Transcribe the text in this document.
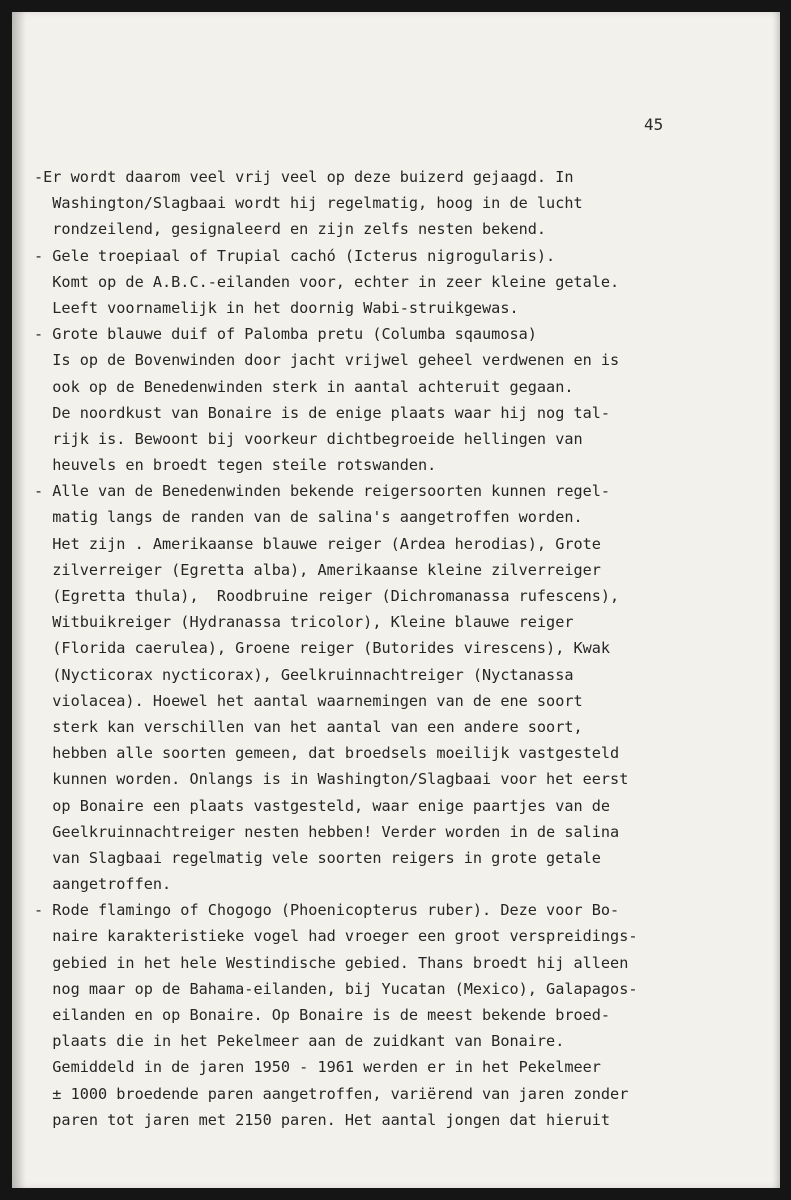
45
-Er wordt daarom veel vrij veel op deze buizerd gejaagd. In
Washington/Slagbaai wordt hij regelmatig, hoog in de lucht
rondzeilend, gesignaleerd en zijn zelfs nesten bekend.
- Gele troepiaal of Trupial cachó (Icterus nigrogularis).
Komt op de A.B.C.-eilanden voor, echter in zeer kleine getale.
Leeft voornamelijk in het doornig Wabi-struikgewas.
- Grote blauwe duif of Palomba pretu (Columba sqaumosa)
Is op de Bovenwinden door jacht vrijwel geheel verdwenen en is
ook op de Benedenwinden sterk in aantal achteruit gegaan.
De noordkust van Bonaire is de enige plaats waar hij nog tal-
rijk is. Bewoont bij voorkeur dichtbegroeide hellingen van
heuvels en broedt tegen steile rotswanden.
- Alle van de Benedenwinden bekende reigersoorten kunnen regel-
matig langs de randen van de salina's aangetroffen worden.
Het zijn . Amerikaanse blauwe reiger (Ardea herodias), Grote
zilverreiger (Egretta alba), Amerikaanse kleine zilverreiger
(Egretta thula),  Roodbruine reiger (Dichromanassa rufescens),
Witbuikreiger (Hydranassa tricolor), Kleine blauwe reiger
(Florida caerulea), Groene reiger (Butorides virescens), Kwak
(Nycticorax nycticorax), Geelkruinnachtreiger (Nyctanassa
violacea). Hoewel het aantal waarnemingen van de ene soort
sterk kan verschillen van het aantal van een andere soort,
hebben alle soorten gemeen, dat broedsels moeilijk vastgesteld
kunnen worden. Onlangs is in Washington/Slagbaai voor het eerst
op Bonaire een plaats vastgesteld, waar enige paartjes van de
Geelkruinnachtreiger nesten hebben! Verder worden in de salina
van Slagbaai regelmatig vele soorten reigers in grote getale
aangetroffen.
- Rode flamingo of Chogogo (Phoenicopterus ruber). Deze voor Bo-
naire karakteristieke vogel had vroeger een groot verspreidings-
gebied in het hele Westindische gebied. Thans broedt hij alleen
nog maar op de Bahama-eilanden, bij Yucatan (Mexico), Galapagos-
eilanden en op Bonaire. Op Bonaire is de meest bekende broed-
plaats die in het Pekelmeer aan de zuidkant van Bonaire.
Gemiddeld in de jaren 1950 - 1961 werden er in het Pekelmeer
± 1000 broedende paren aangetroffen, variërend van jaren zonder
paren tot jaren met 2150 paren. Het aantal jongen dat hieruit
